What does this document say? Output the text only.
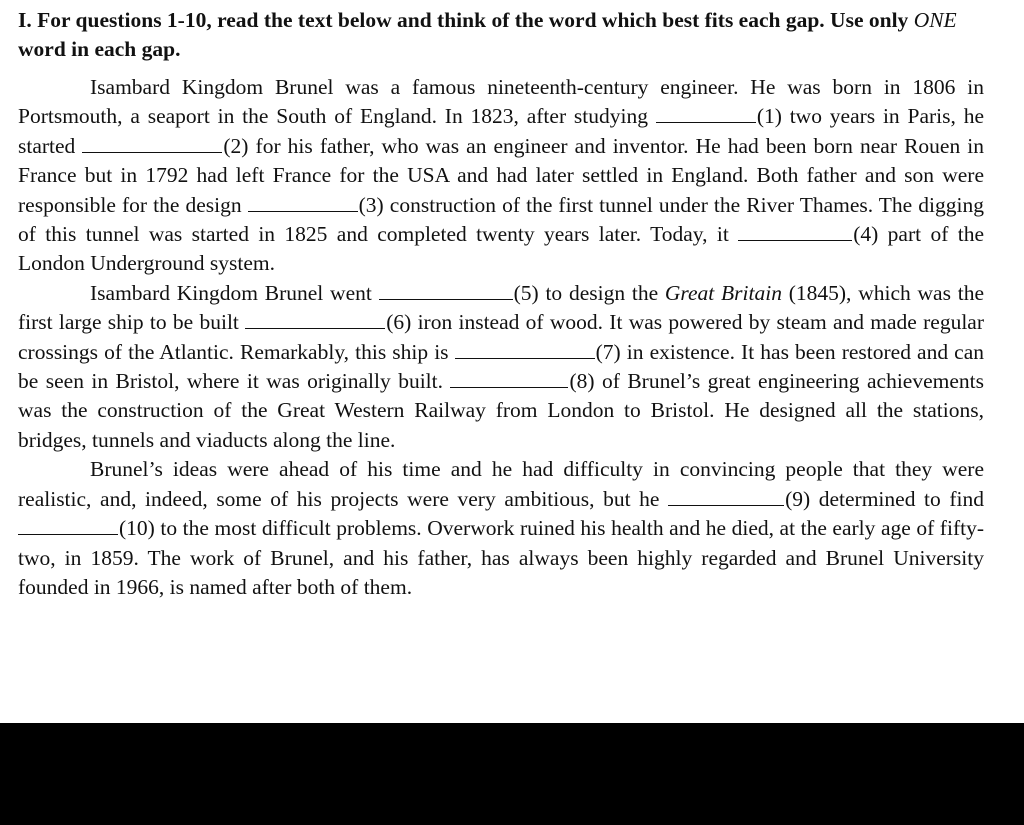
I. For questions 1-10, read the text below and think of the word which best fits each gap. Use only ONE word in each gap.

Isambard Kingdom Brunel was a famous nineteenth-century engineer. He was born in 1806 in Portsmouth, a seaport in the South of England. In 1823, after studying	(1) two years in Paris, he started	(2) for his father, who was an engineer and inventor. He had been born near Rouen in France but in 1792 had left France for the USA and had later settled in England. Both father and son were responsible for the design	(3) construction of the first tunnel under the River Thames. The digging of this tunnel was started in 1825 and completed twenty years later. Today, it	(4) part of the London Underground system.

Isambard Kingdom Brunel went	(5) to design the Great Britain (1845), which was the first large ship to be built	(6) iron instead of wood. It was powered by steam and made regular crossings of the Atlantic. Remarkably, this ship is	(7) in existence. It has been restored and can be seen in Bristol, where it was originally built.	(8) of Brunel’s great engineering achievements was the construction of the Great Western Railway from London to Bristol. He designed all the stations, bridges, tunnels and viaducts along the line.

Brunel’s ideas were ahead of his time and he had difficulty in convincing people that they were realistic, and, indeed, some of his projects were very ambitious, but he	(9) determined to find (10) to the most difficult problems. Overwork ruined his health and he died, at the early age of fifty-two, in 1859. The work of Brunel, and his father, has always been highly regarded and Brunel University founded in 1966, is named after both of them.
